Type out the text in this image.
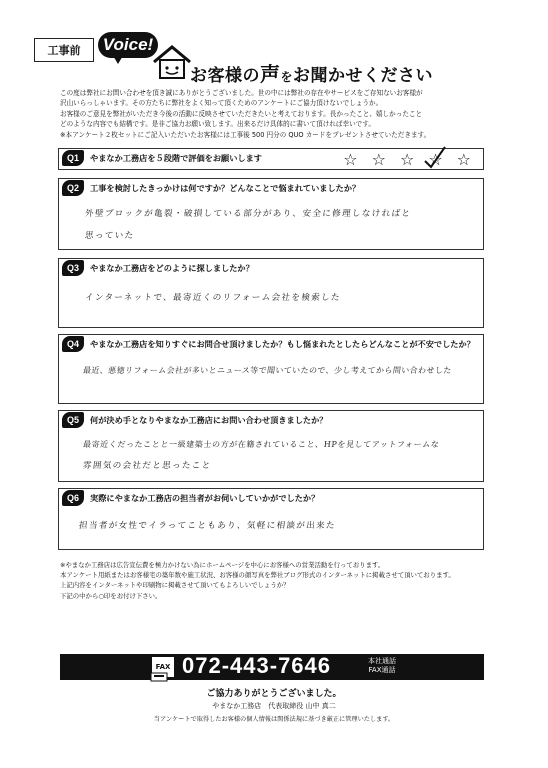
工事前	Voice!
お客様の声をお聞かせください

この度は弊社にお問い合わせを頂き誠にありがとうございました。世の中には弊社の存在やサービスをご存知ないお客様が

沢山いらっしゃいます。その方たちに弊社をよく知って頂くためのアンケートにご協力頂けないでしょうか。

お客様のご意見を弊社がいただき今後の活動に反映させていただきたいと考えております。長かったこと、嬉しかったこと

どのような内容でも結構です。是非ご協力お願い致します。出来るだけ具体的に書いて頂ければ幸いです。

※本アンケート２枚セットにご記入いただいたお客様には工事後 500 円分の QUO カードをプレゼントさせていただきます。

Q1	やまなか工務店を５段階で評価をお願いします	☆ ☆ ☆ ☆ ☆
Q2	工事を検討したきっかけは何ですか？どんなことで悩まれていましたか？
外壁ブロックが亀裂・破損している部分があり、安全に修理しなければと
思っていた
Q3	やまなか工務店をどのように探しましたか？
インターネットで、最寄近くのリフォーム会社を検索した
Q4	やまなか工務店を知りすぐにお問合せ頂けましたか？もし悩まれたとしたらどんなことが不安でしたか？
最近、悪徳リフォーム会社が多いとニュース等で聞いていたので、少し考えてから問い合わせした
Q5	何が決め手となりやまなか工務店にお問い合わせ頂きましたか？
最寄近くだったことと一級建築士の方が在籍されていること、HPを見してアットフォームな
雰囲気の会社だと思ったこと
Q6	実際にやまなか工務店の担当者がお伺いしていかがでしたか？
担当者が女性でイラってこともあり、気軽に相談が出来た

※やまなか工務店は広告宣伝費を極力かけない為にホームページを中心にお客様への営業活動を行っております。

本アンケート用紙またはお客様宅の築年数や施工状況、お客様の顔写真を弊社ブログ形式のインターネットに掲載させて頂いております。

上記内容をインターネットや印刷物に掲載させて頂いてもよろしいでしょうか？

下記の中から○印をお付け下さい。

FAX 072-443-7646	本社通話
FAX通話
ご協力ありがとうございました。
やまなか工務店　代表取締役 山中 真二
当アンケートで取得したお客様の個人情報は関係法規に基づき厳正に管理いたします。
